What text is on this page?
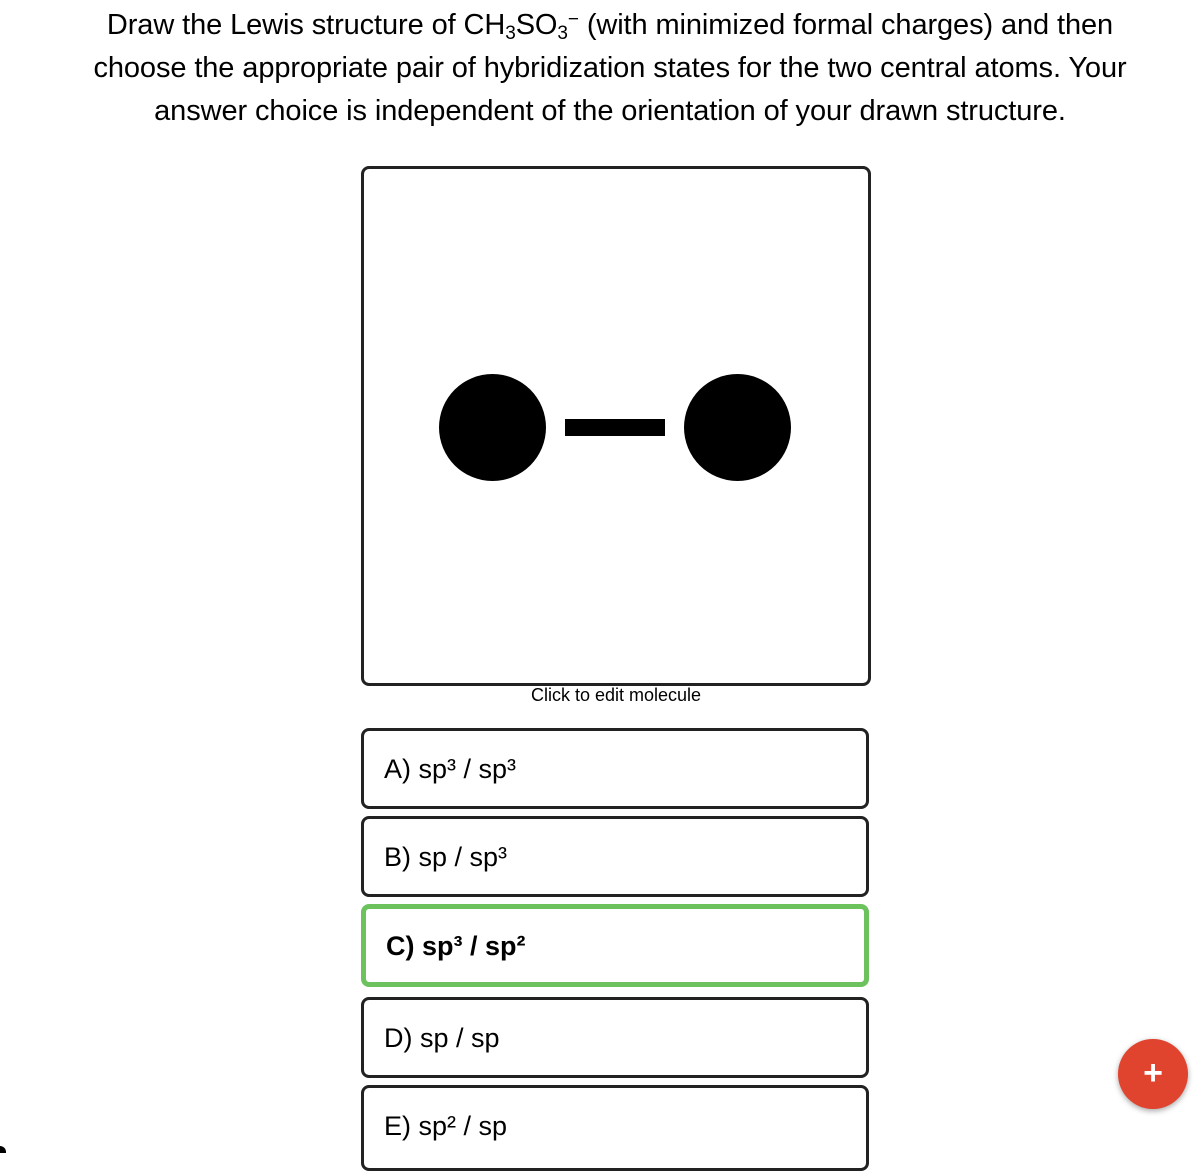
Draw the Lewis structure of $CH_3SO_3^-$ (with minimized formal charges) and then
choose the appropriate pair of hybridization states for the two central atoms. Your
answer choice is independent of the orientation of your drawn structure.
Click to edit molecule
A) sp³ / sp³
B) sp / sp³
C) sp³ / sp²
D) sp / sp
E) sp² / sp
+
